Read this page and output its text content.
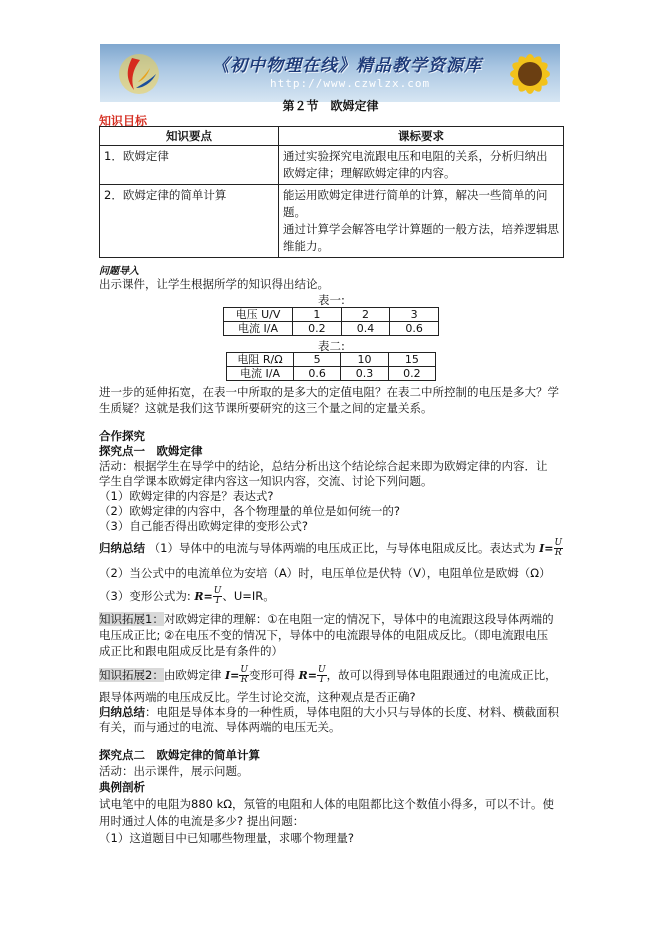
《初中物理在线》精品教学资源库
http://www.czwlzx.com
第２节　欧姆定律
知识目标
知识要点	课标要求
1．欧姆定律	通过实验探究电流跟电压和电阻的关系，分析归纳出
欧姆定律；理解欧姆定律的内容。

2．欧姆定律的简单计算	能运用欧姆定律进行简单的计算，解决一些简单的问题。
通过计算学会解答电学计算题的一般方法，培养逻辑思
维能力。
问题导入
出示课件，让学生根据所学的知识得出结论。
表一:
电压 U/V	1	2	3
电流 I/A	0.2	0.4	0.6
表二:
电阻 R/Ω	5	10	15
电流 I/A	0.6	0.3	0.2
进一步的延伸拓宽，在表一中所取的是多大的定值电阻？在表二中所控制的电压是多大？学
生质疑？这就是我们这节课所要研究的这三个量之间的定量关系。
合作探究
探究点一　欧姆定律
活动：根据学生在导学中的结论，总结分析出这个结论综合起来即为欧姆定律的内容．让
学生自学课本欧姆定律内容这一知识内容，交流、讨论下列问题。
（1）欧姆定律的内容是？表达式?
（2）欧姆定律的内容中，各个物理量的单位是如何统一的?
（3）自己能否得出欧姆定律的变形公式?
归纳总结 （1）导体中的电流与导体两端的电压成正比，与导体电阻成反比。表达式为 $I= \frac{U}{R}$
（2）当公式中的电流单位为安培（A）时，电压单位是伏特（V），电阻单位是欧姆（Ω）
（3）变形公式为: $R= \frac{U}{I}$ 、U=IR。
知识拓展1：对欧姆定律的理解：①在电阻一定的情况下，导体中的电流跟这段导体两端的
电压成正比; ②在电压不变的情况下，导体中的电流跟导体的电阻成反比。（即电流跟电压
成正比和跟电阻成反比是有条件的）
知识拓展2：由欧姆定律 $I= \frac{U}{R}$ 变形可得 $R= \frac{U}{I}$ ，故可以得到导体电阻跟通过的电流成正比，
跟导体两端的电压成反比。学生讨论交流，这种观点是否正确?
归纳总结：电阻是导体本身的一种性质，导体电阻的大小只与导体的长度、材料、横截面积
有关，而与通过的电流、导体两端的电压无关。
探究点二　欧姆定律的简单计算
活动：出示课件，展示问题。
典例剖析
试电笔中的电阻为880 kΩ，氖管的电阻和人体的电阻都比这个数值小得多，可以不计。使
用时通过人体的电流是多少? 提出问题：
（1）这道题目中已知哪些物理量，求哪个物理量?
